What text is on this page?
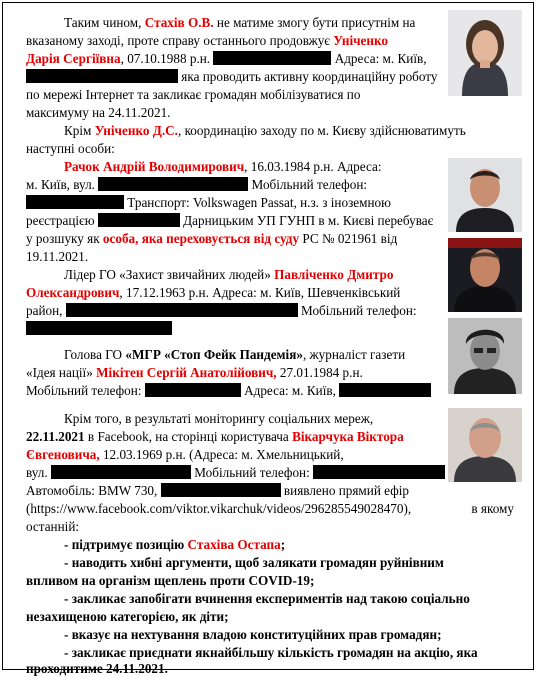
Таким чином, Стахів О.В. не матиме змогу бути присутнім на
вказаному заході, проте справу останнього продовжує Уніченко
Дарія Сергіївна, 07.10.1988 р.н.	Адреса: м. Київ,
яка проводить активну координаційну роботу
по мережі Інтернет та закликає громадян мобілізуватися по
максимуму на 24.11.2021.
Крім Уніченко Д.С., координацію заходу по м. Києву здійснюватимуть
наступні особи:
Рачок Андрій Володимирович, 16.03.1984 р.н. Адреса:
м. Київ, вул.	Мобільний телефон:
Транспорт: Volkswagen Passat, н.з. з іноземною
реєстрацією	Дарницьким УП ГУНП в м. Києві перебуває
у розшуку як особа, яка переховується від суду РС № 021961 від
19.11.2021.
Лідер ГО «Захист звичайних людей» Павліченко Дмитро
Олександрович, 17.12.1963 р.н. Адреса: м. Київ, Шевченківський
район,	Мобільний телефон:
Голова ГО «МГР «Стоп Фейк Пандемія», журналіст газети
«Ідея нації» Мікітен Сергій Анатолійович, 27.01.1984 р.н.
Мобільний телефон:	Адреса: м. Київ,
Крім того, в результаті моніторингу соціальних мереж,
22.11.2021 в Facebook, на сторінці користувача Вікарчука Віктора
Євгеновича, 12.03.1969 р.н. (Адреса: м. Хмельницький,
вул.	Мобільний телефон:
Автомобіль: BMW 730,	виявлено прямий ефір
(https://www.facebook.com/viktor.vikarchuk/videos/296285549028470),	в якому
останній:
- підтримує позицію Стахіва Остапа;
- наводить хибні аргументи, щоб залякати громадян руйнівним
впливом на організм щеплень проти COVID-19;
- закликає запобігати вчинення експериментів над такою соціально
незахищеною категорією, як діти;
- вказує на нехтування владою конституційних прав громадян;
- закликає приєднати якнайбільшу кількість громадян на акцію, яка
проходитиме 24.11.2021.
